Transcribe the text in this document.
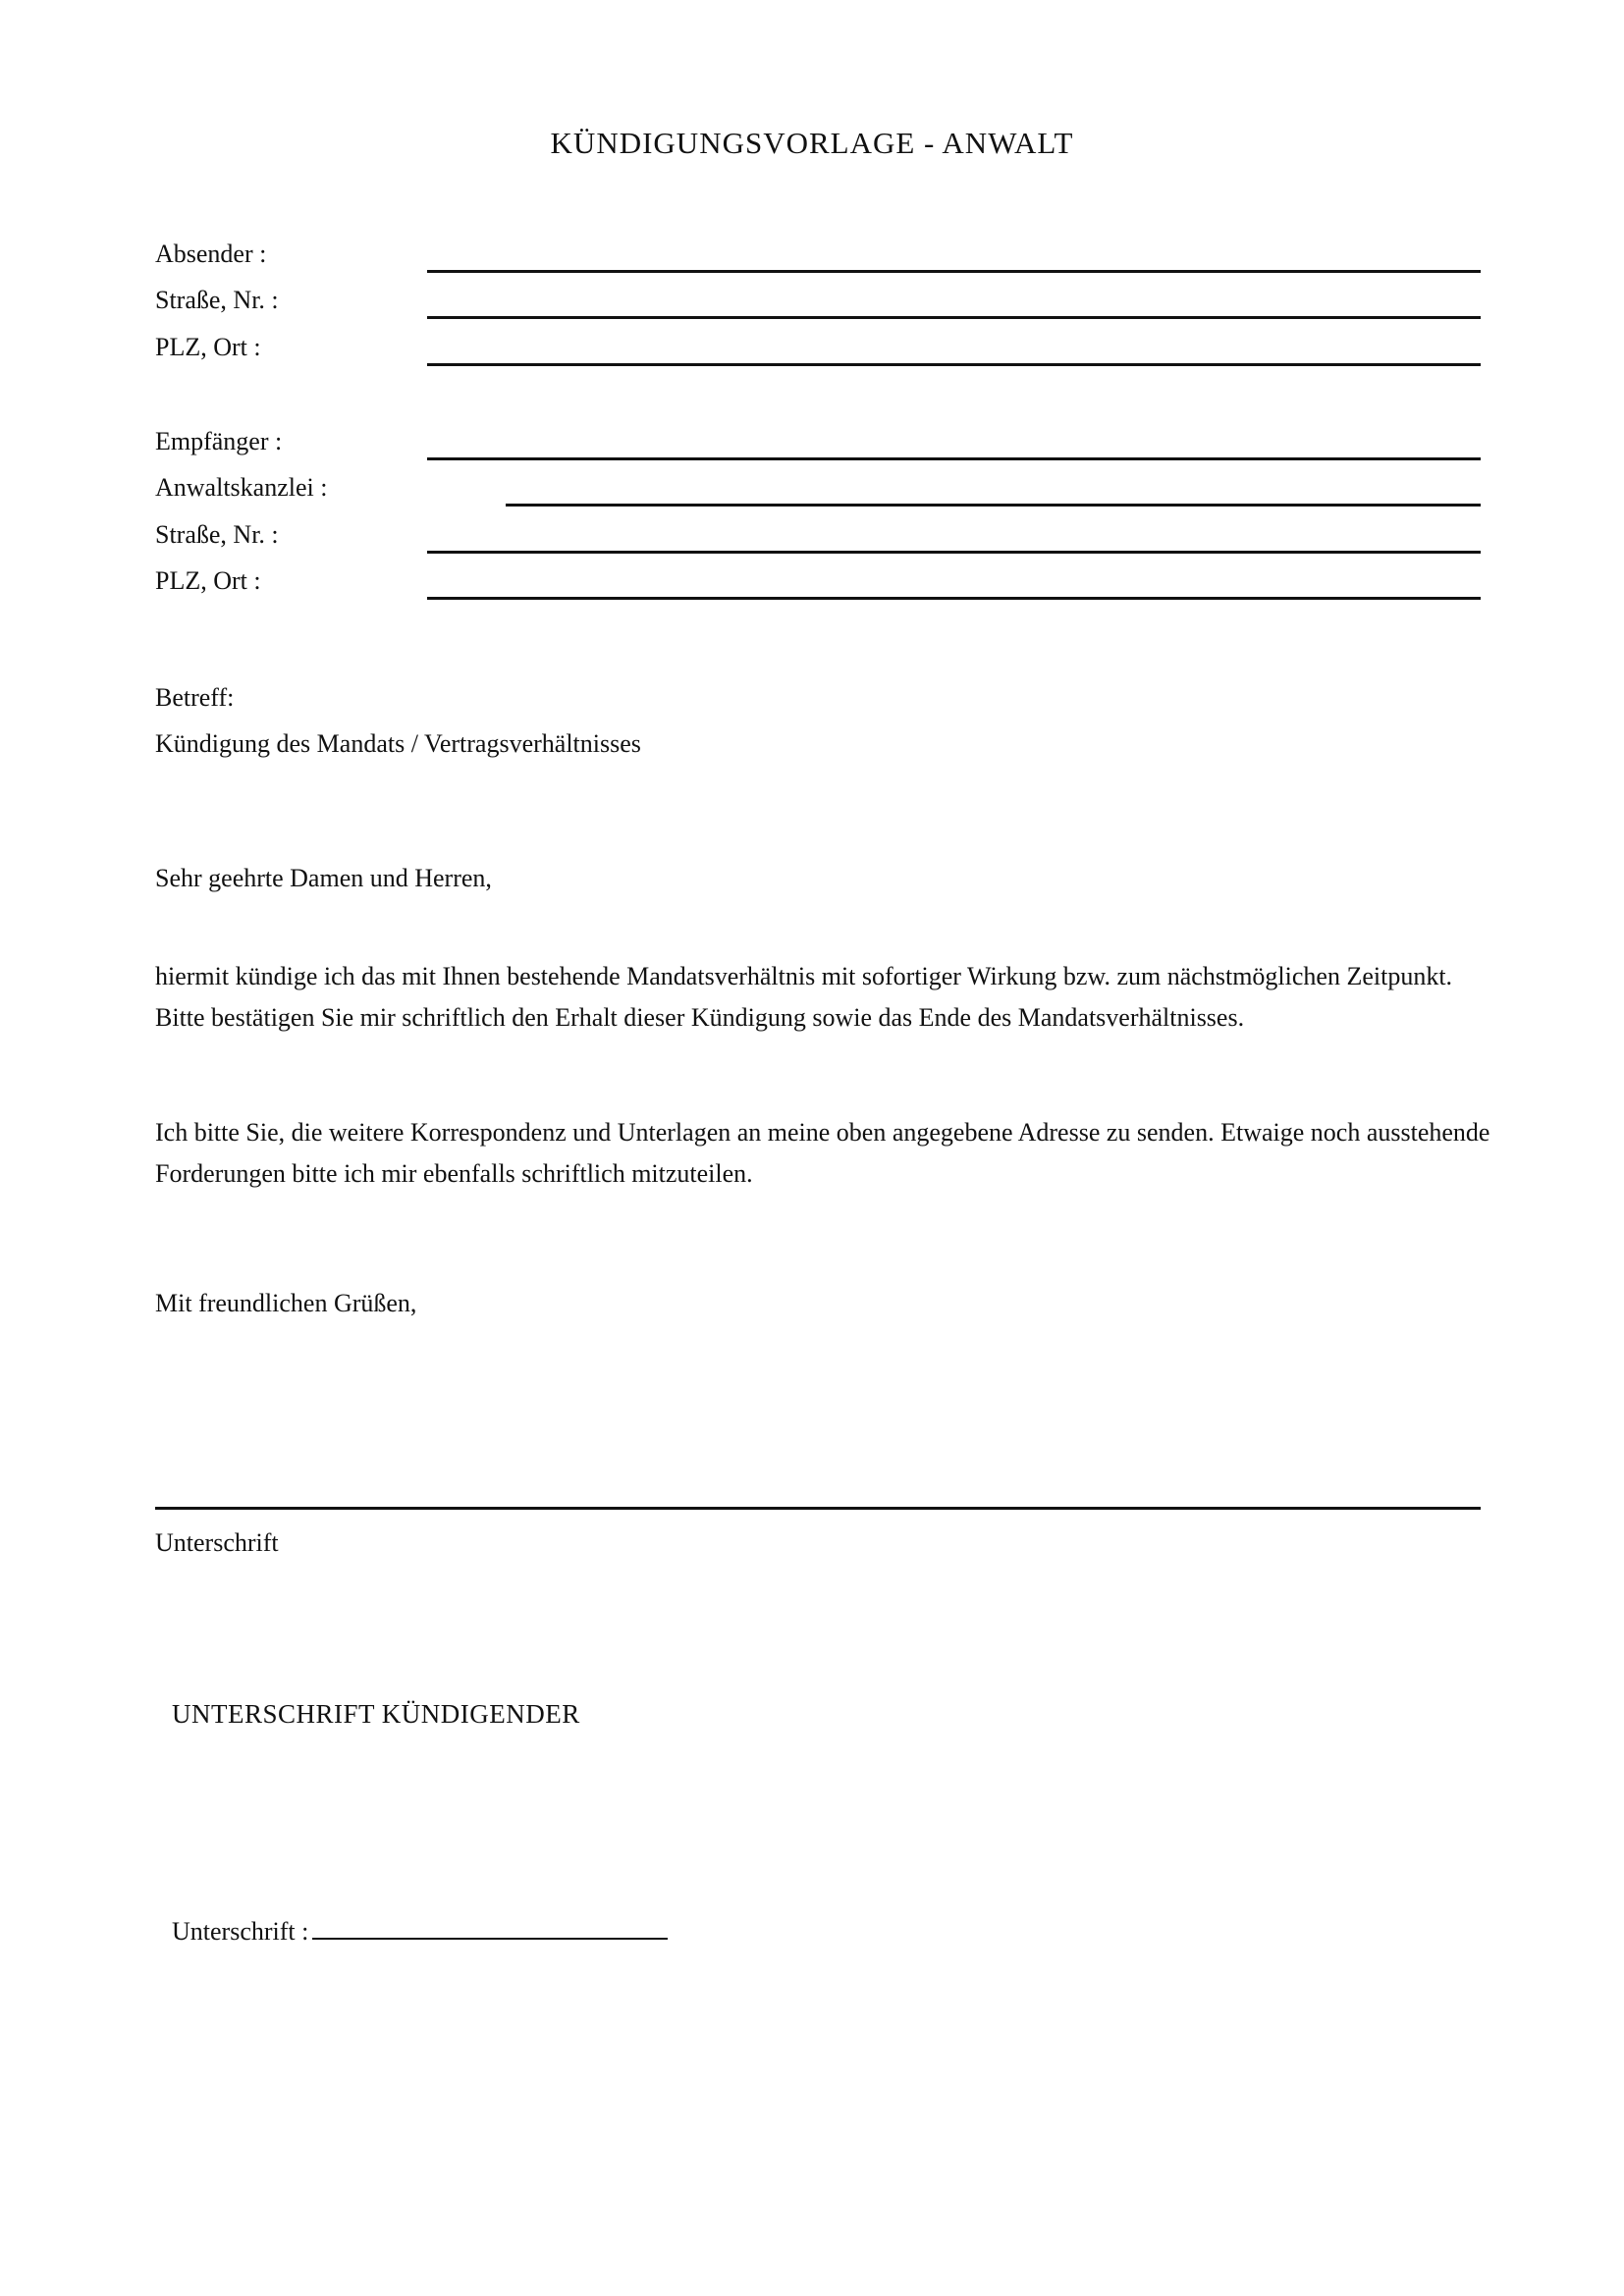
KÜNDIGUNGSVORLAGE - ANWALT
Absender :
Straße, Nr. :
PLZ, Ort :
Empfänger :
Anwaltskanzlei :
Straße, Nr. :
PLZ, Ort :
Betreff:
Kündigung des Mandats / Vertragsverhältnisses
Sehr geehrte Damen und Herren,
hiermit kündige ich das mit Ihnen bestehende Mandatsverhältnis mit sofortiger Wirkung bzw. zum nächstmöglichen Zeitpunkt. Bitte bestätigen Sie mir schriftlich den Erhalt dieser Kündigung sowie das Ende des Mandatsverhältnisses.
Ich bitte Sie, die weitere Korrespondenz und Unterlagen an meine oben angegebene Adresse zu senden. Etwaige noch ausstehende Forderungen bitte ich mir ebenfalls schriftlich mitzuteilen.
Mit freundlichen Grüßen,
Unterschrift
UNTERSCHRIFT KÜNDIGENDER
Unterschrift :
